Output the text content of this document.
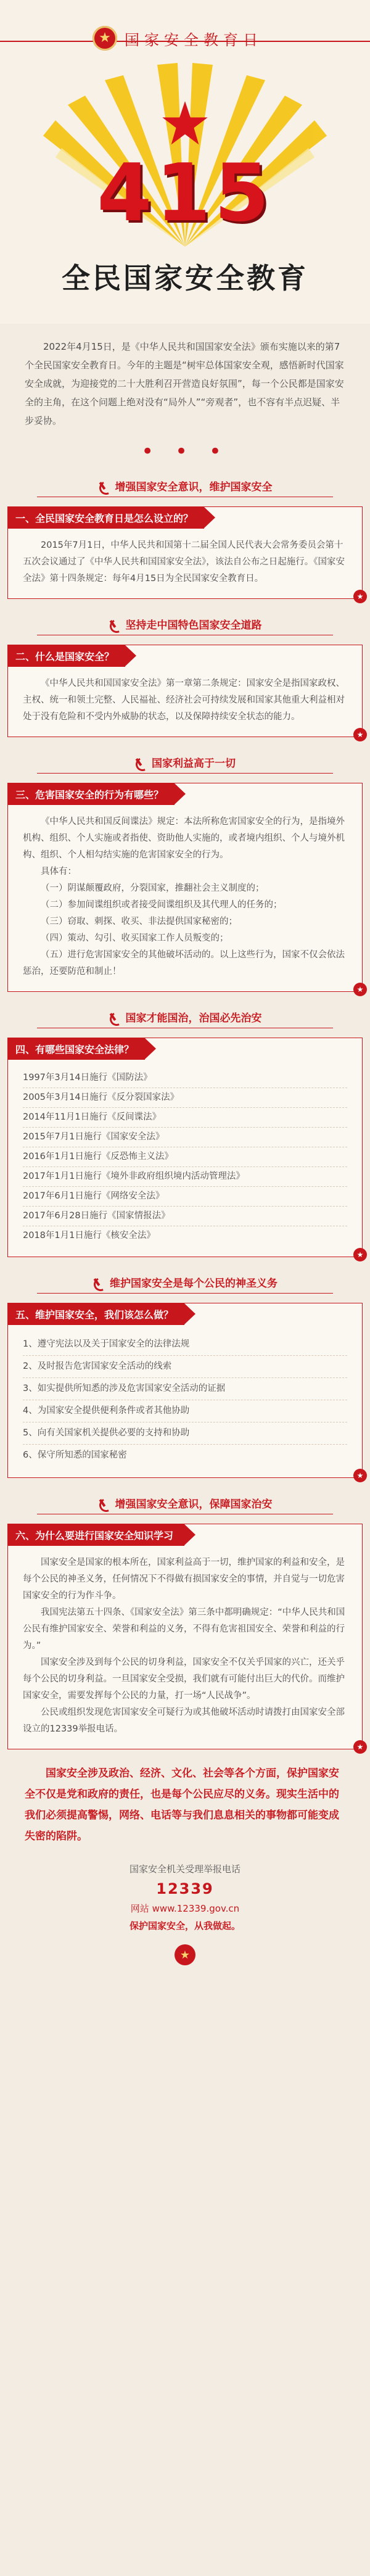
★ 国家安全教育日
415
全民国家安全教育
2022年4月15日，是《中华人民共和国国家安全法》颁布实施以来的第7个全民国家安全教育日。今年的主题是“树牢总体国家安全观，感悟新时代国家安全成就，为迎接党的二十大胜利召开营造良好氛围”，每一个公民都是国家安全的主角，在这个问题上绝对没有“局外人”“旁观者”，也不容有半点迟疑、半步妥协。
• • •
增强国家安全意识，维护国家安全
一、全民国家安全教育日是怎么设立的？

2015年7月1日，中华人民共和国第十二届全国人民代表大会常务委员会第十五次会议通过了《中华人民共和国国家安全法》，该法自公布之日起施行。《国家安全法》第十四条规定：每年4月15日为全民国家安全教育日。

★
坚持走中国特色国家安全道路
二、什么是国家安全？

《中华人民共和国国家安全法》第一章第二条规定：国家安全是指国家政权、主权、统一和领土完整、人民福祉、经济社会可持续发展和国家其他重大利益相对处于没有危险和不受内外威胁的状态，以及保障持续安全状态的能力。

★
国家利益高于一切
三、危害国家安全的行为有哪些？

《中华人民共和国反间谍法》规定：本法所称危害国家安全的行为，是指境外机构、组织、个人实施或者指使、资助他人实施的，或者境内组织、个人与境外机构、组织、个人相勾结实施的危害国家安全的行为。

具体有：

（一）阴谋颠覆政府，分裂国家，推翻社会主义制度的；

（二）参加间谍组织或者接受间谍组织及其代理人的任务的；

（三）窃取、刺探、收买、非法提供国家秘密的；

（四）策动、勾引、收买国家工作人员叛变的；

（五）进行危害国家安全的其他破坏活动的。以上这些行为，国家不仅会依法惩治，还要防范和制止！

★
国家才能国治，治国必先治安
四、有哪些国家安全法律？

1997年3月14日施行《国防法》

2005年3月14日施行《反分裂国家法》

2014年11月1日施行《反间谍法》

2015年7月1日施行《国家安全法》

2016年1月1日施行《反恐怖主义法》

2017年1月1日施行《境外非政府组织境内活动管理法》

2017年6月1日施行《网络安全法》

2017年6月28日施行《国家情报法》

2018年1月1日施行《核安全法》

★
维护国家安全是每个公民的神圣义务
五、维护国家安全，我们该怎么做？

1、遵守宪法以及关于国家安全的法律法规

2、及时报告危害国家安全活动的线索

3、如实提供所知悉的涉及危害国家安全活动的证据

4、为国家安全提供便利条件或者其他协助

5、向有关国家机关提供必要的支持和协助

6、保守所知悉的国家秘密

★
增强国家安全意识，保障国家治安
六、为什么要进行国家安全知识学习

国家安全是国家的根本所在，国家利益高于一切，维护国家的利益和安全，是每个公民的神圣义务，任何情况下不得做有损国家安全的事情，并自觉与一切危害国家安全的行为作斗争。

我国宪法第五十四条、《国家安全法》第三条中都明确规定：“中华人民共和国公民有维护国家安全、荣誉和利益的义务，不得有危害祖国安全、荣誉和利益的行为。”

国家安全涉及到每个公民的切身利益，国家安全不仅关乎国家的兴亡，还关乎每个公民的切身利益。一旦国家安全受损，我们就有可能付出巨大的代价。而维护国家安全，需要发挥每个公民的力量，打一场“人民战争”。

公民或组织发现危害国家安全可疑行为或其他破坏活动时请拨打由国家安全部设立的12339举报电话。

★
国家安全涉及政治、经济、文化、社会等各个方面，保护国家安全不仅是党和政府的责任，也是每个公民应尽的义务。现实生活中的我们必须提高警惕，网络、电话等与我们息息相关的事物都可能变成失密的陷阱。
国家安全机关受理举报电话
12339
网站 www.12339.gov.cn
保护国家安全，从我做起。
★
